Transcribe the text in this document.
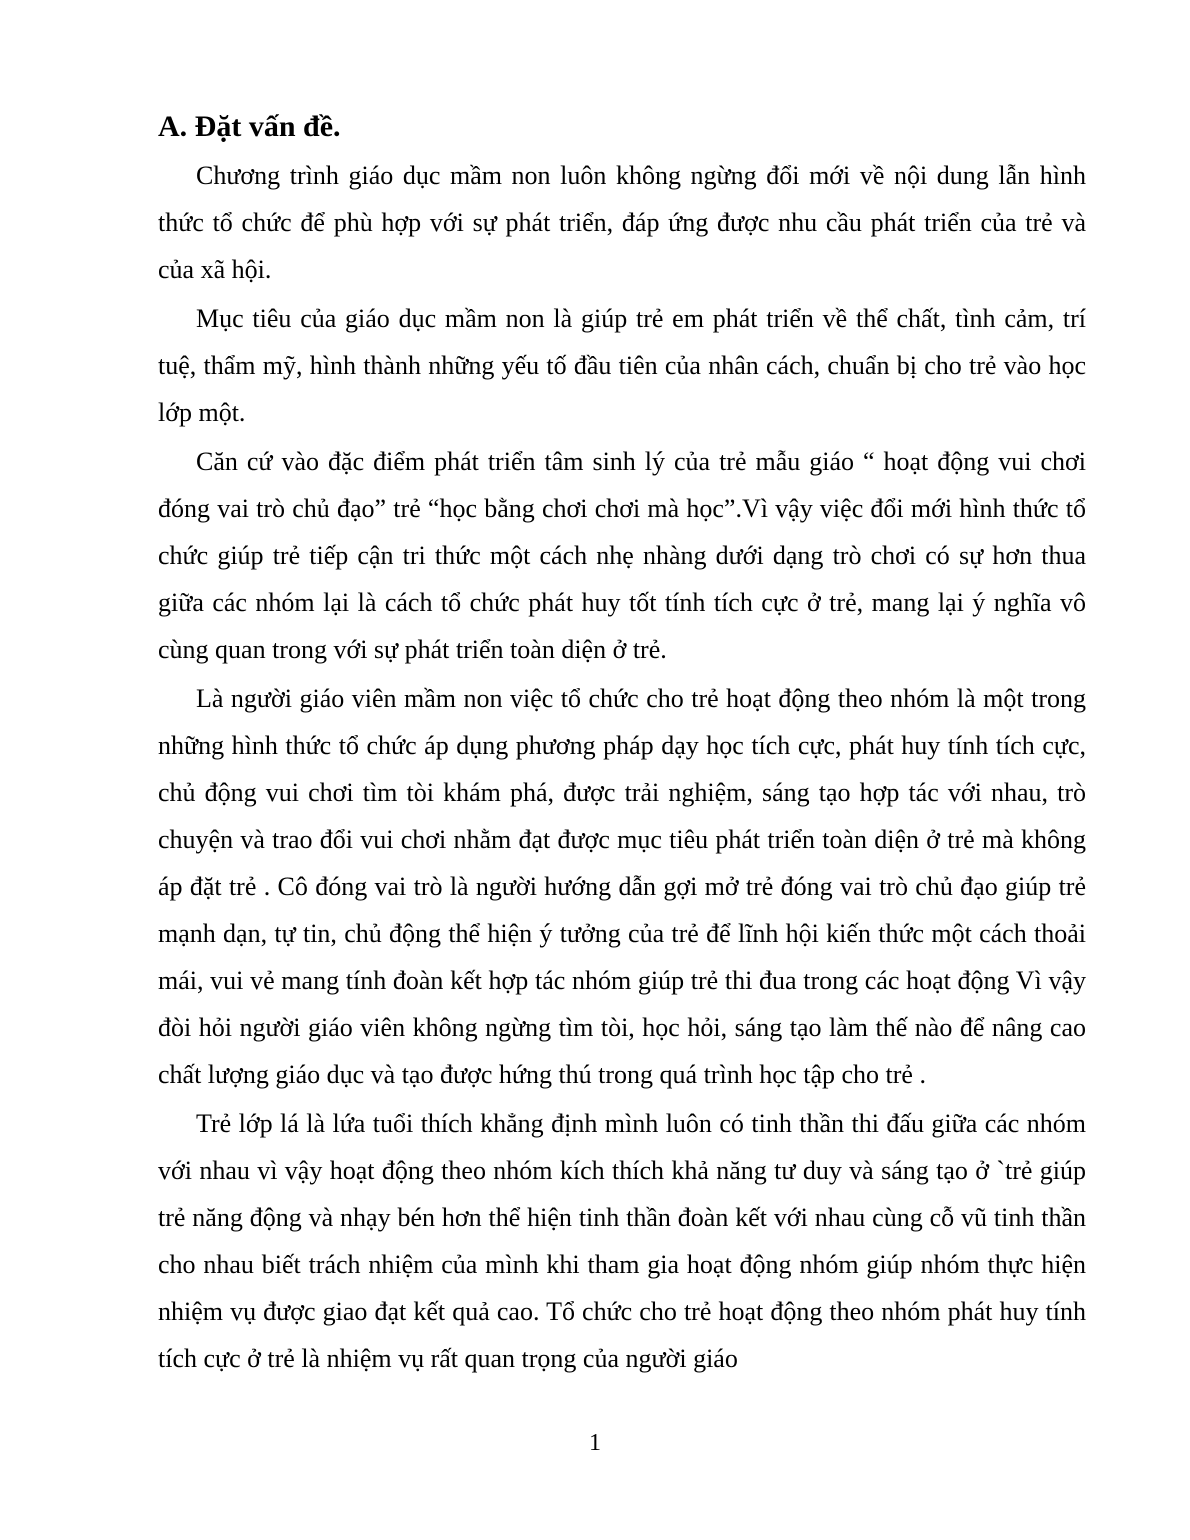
A. Đặt vấn đề.

Chương trình giáo dục mầm non luôn không ngừng đổi mới về nội dung lẫn hình thức tổ chức để phù hợp với sự phát triển, đáp ứng được nhu cầu phát triển của trẻ và của xã hội.

Mục tiêu của giáo dục mầm non là giúp trẻ em phát triển về thể chất, tình cảm, trí tuệ, thẩm mỹ, hình thành những yếu tố đầu tiên của nhân cách, chuẩn bị cho trẻ vào học lớp một.

Căn cứ vào đặc điểm phát triển tâm sinh lý của trẻ mẫu giáo “ hoạt động vui chơi đóng vai trò chủ đạo” trẻ “học bằng chơi chơi mà học”.Vì vậy việc đổi mới hình thức tổ chức giúp trẻ tiếp cận tri thức một cách nhẹ nhàng dưới dạng trò chơi có sự hơn thua giữa các nhóm lại là cách tổ chức phát huy tốt tính tích cực ở trẻ, mang lại ý nghĩa vô cùng quan trong với sự phát triển toàn diện ở trẻ.

Là người giáo viên mầm non việc tổ chức cho trẻ hoạt động theo nhóm là một trong những hình thức tổ chức áp dụng phương pháp dạy học tích cực, phát huy tính tích cực, chủ động vui chơi tìm tòi khám phá, được trải nghiệm, sáng tạo hợp tác với nhau, trò chuyện và trao đổi vui chơi nhằm đạt được mục tiêu phát triển toàn diện ở trẻ mà không áp đặt trẻ . Cô đóng vai trò là người hướng dẫn gợi mở trẻ đóng vai trò chủ đạo giúp trẻ mạnh dạn, tự tin, chủ động thể hiện ý tưởng của trẻ để lĩnh hội kiến thức một cách thoải mái, vui vẻ mang tính đoàn kết hợp tác nhóm giúp trẻ thi đua trong các hoạt động Vì vậy đòi hỏi người giáo viên không ngừng tìm tòi, học hỏi, sáng tạo làm thế nào để nâng cao chất lượng giáo dục và tạo được hứng thú trong quá trình học tập cho trẻ .

Trẻ lớp lá là lứa tuổi thích khẳng định mình luôn có tinh thần thi đấu giữa các nhóm với nhau vì vậy hoạt động theo nhóm kích thích khả năng tư duy và sáng tạo ở `trẻ giúp trẻ năng động và nhạy bén hơn thể hiện tinh thần đoàn kết với nhau cùng cỗ vũ tinh thần cho nhau biết trách nhiệm của mình khi tham gia hoạt động nhóm giúp nhóm thực hiện nhiệm vụ được giao đạt kết quả cao. Tổ chức cho trẻ hoạt động theo nhóm phát huy tính tích cực ở trẻ là nhiệm vụ rất quan trọng của người giáo

1
